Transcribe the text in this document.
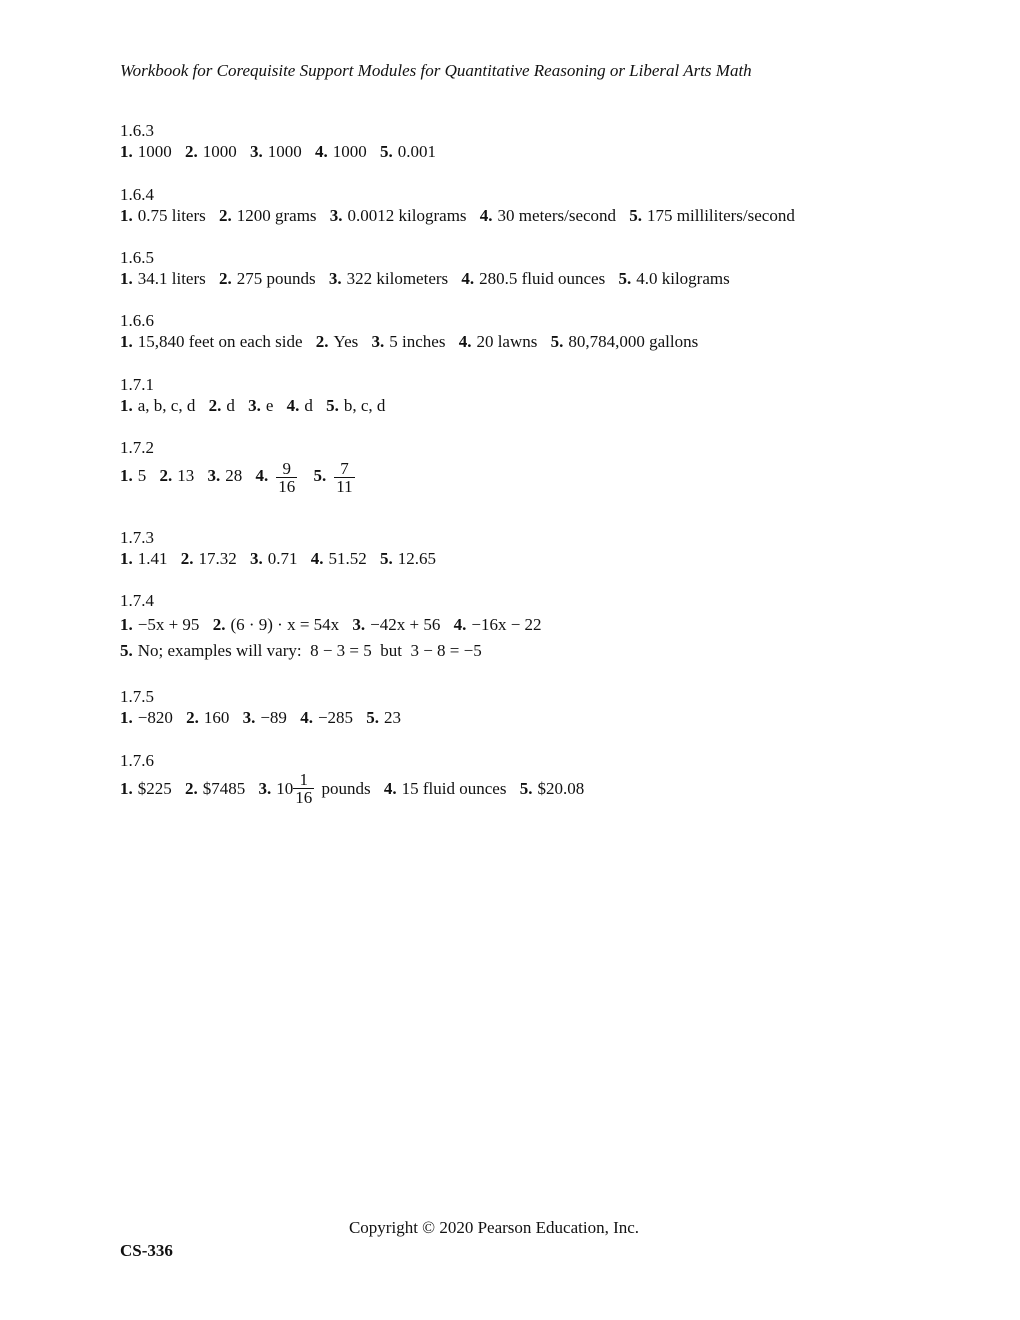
Workbook for Corequisite Support Modules for Quantitative Reasoning or Liberal Arts Math
1.6.3
1. 1000 2. 1000 3. 1000 4. 1000 5. 0.001
1.6.4
1. 0.75 liters 2. 1200 grams 3. 0.0012 kilograms 4. 30 meters/second 5. 175 milliliters/second
1.6.5
1. 34.1 liters 2. 275 pounds 3. 322 kilometers 4. 280.5 fluid ounces 5. 4.0 kilograms
1.6.6
1. 15,840 feet on each side 2. Yes 3. 5 inches 4. 20 lawns 5. 80,784,000 gallons
1.7.1
1. a, b, c, d 2. d 3. e 4. d 5. b, c, d
1.7.2
1. 5 2. 13 3. 28 4. $\frac{9}{16} 5$. $\frac{7}{11}$
1.7.3
1. 1.41 2. 17.32 3. 0.71 4. 51.52 5. 12.65
1.7.4
1. −5x + 95 2. (6 · 9) · x = 54x 3. −42x + 56 4. −16x − 22
5. No; examples will vary:  8 − 3 = 5  but  3 − 8 = −5
1.7.5
1. −820 2. 160 3. −89 4. −285 5. 23
1.7.6
1. $225 2. $7485 3. $10 \frac{1}{16}$ pounds 4. 15 fluid ounces 5. $20.08
Copyright © 2020 Pearson Education, Inc.
CS-336
